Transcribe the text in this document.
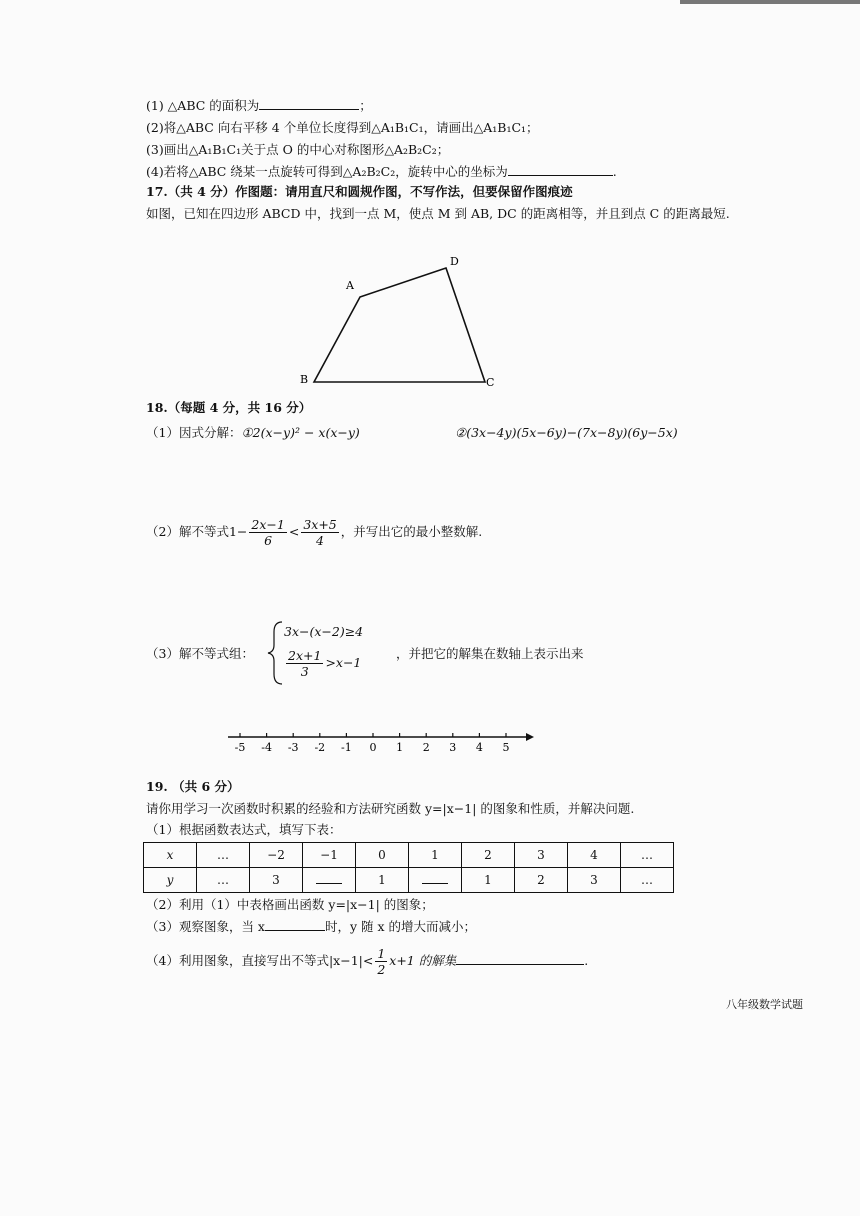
(1) △ABC 的面积为	；
(2)将△ABC 向右平移 4 个单位长度得到△A₁B₁C₁，请画出△A₁B₁C₁；
(3)画出△A₁B₁C₁关于点 O 的中心对称图形△A₂B₂C₂；
(4)若将△ABC 绕某一点旋转可得到△A₂B₂C₂，旋转中心的坐标为	.
17.（共 4 分）作图题：请用直尺和圆规作图，不写作法，但要保留作图痕迹
如图，已知在四边形 ABCD 中，找到一点 M，使点 M 到 AB, DC 的距离相等，并且到点 C 的距离最短.
A
D
B	C
-5 -4 -3 -2 -1 0 1 2 3 4 5
18.（每题 4 分，共 16 分）
（1）因式分解：①2(x−y)² − x(x−y)	②(3x−4y)(5x−6y)−(7x−8y)(6y−5x)
（2）解不等式$1- \frac{2x-1}{6} < \frac{3x+5}{4}$ ，并写出它的最小整数解.
（3）解不等式组：
3x−(x−2)≥4
$\frac{2x+1}{3} >x-1$
，并把它的解集在数轴上表示出来
19. （共 6 分）
请你用学习一次函数时积累的经验和方法研究函数 y=|x−1| 的图象和性质，并解决问题.
（1）根据函数表达式，填写下表：
x	…	−2	−1	0	1	2	3	4	…
y	…	3		1		1	2	3	…
（2）利用（1）中表格画出函数 y=|x−1| 的图象；
（3）观察图象，当 x	时，y 随 x 的增大而减小；
（4）利用图象，直接写出不等式$|x-1|< \frac{1}{2} x+1$ 的解集	.
八年级数学试题
